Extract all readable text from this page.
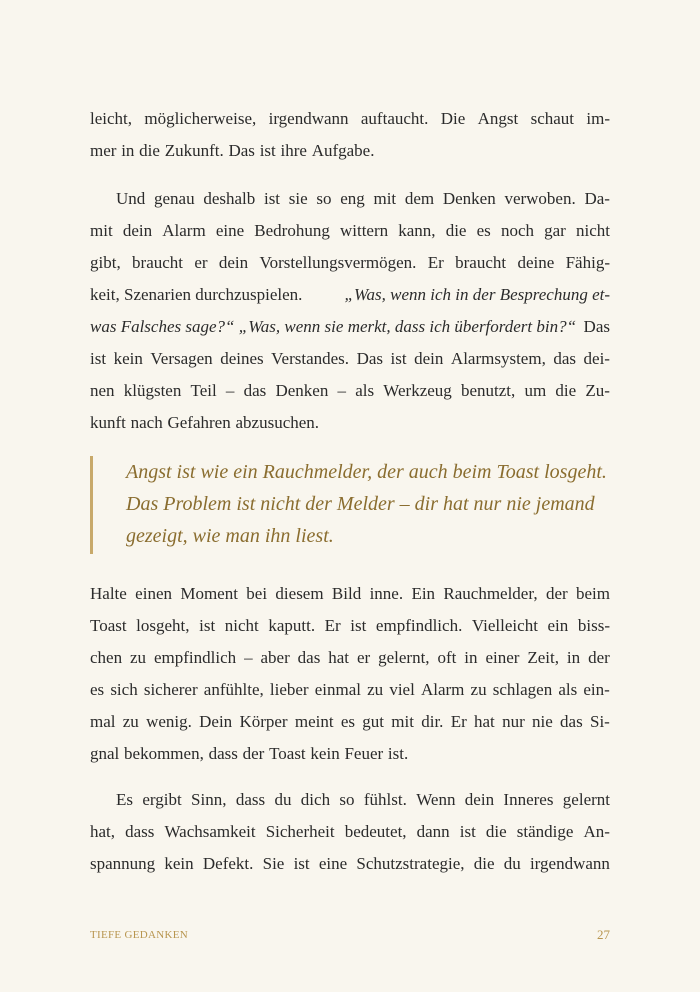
leicht, möglicherweise, irgendwann auftaucht. Die Angst schaut im-
mer in die Zukunft. Das ist ihre Aufgabe.
Und genau deshalb ist sie so eng mit dem Denken verwoben. Da-
mit dein Alarm eine Bedrohung wittern kann, die es noch gar nicht
gibt, braucht er dein Vorstellungsvermögen. Er braucht deine Fähig-
keit, Szenarien durchzuspielen. „Was, wenn ich in der Besprechung et-
was Falsches sage?“ „Was, wenn sie merkt, dass ich überfordert bin?“ Das
ist kein Versagen deines Verstandes. Das ist dein Alarmsystem, das dei-
nen klügsten Teil – das Denken – als Werkzeug benutzt, um die Zu-
kunft nach Gefahren abzusuchen.
Angst ist wie ein Rauchmelder, der auch beim Toast losgeht.
Das Problem ist nicht der Melder – dir hat nur nie jemand
gezeigt, wie man ihn liest.
Halte einen Moment bei diesem Bild inne. Ein Rauchmelder, der beim
Toast losgeht, ist nicht kaputt. Er ist empfindlich. Vielleicht ein biss-
chen zu empfindlich – aber das hat er gelernt, oft in einer Zeit, in der
es sich sicherer anfühlte, lieber einmal zu viel Alarm zu schlagen als ein-
mal zu wenig. Dein Körper meint es gut mit dir. Er hat nur nie das Si-
gnal bekommen, dass der Toast kein Feuer ist.
Es ergibt Sinn, dass du dich so fühlst. Wenn dein Inneres gelernt
hat, dass Wachsamkeit Sicherheit bedeutet, dann ist die ständige An-
spannung kein Defekt. Sie ist eine Schutzstrategie, die du irgendwann
TIEFE GEDANKEN	27
